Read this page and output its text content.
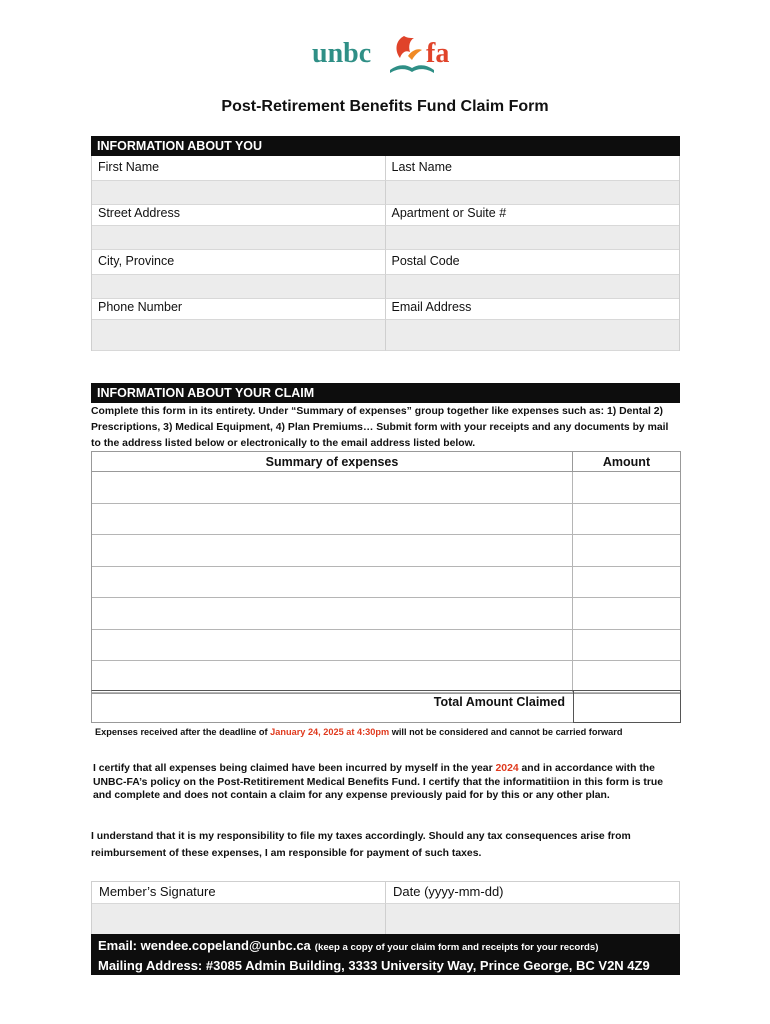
unbc fa
Post-Retirement Benefits Fund Claim Form
INFORMATION ABOUT YOU
First Name	Last Name
Street Address	Apartment or Suite #
City, Province	Postal Code
Phone Number	Email Address
INFORMATION ABOUT YOUR CLAIM
Complete this form in its entirety. Under “Summary of expenses” group together like expenses such as: 1) Dental 2) Prescriptions, 3) Medical Equipment, 4) Plan Premiums… Submit form with your receipts and any documents by mail to the address listed below or electronically to the email address listed below.
Summary of expenses	Amount
Total Amount Claimed
Expenses received after the deadline of January 24, 2025 at 4:30pm will not be considered and cannot be carried forward
I certify that all expenses being claimed have been incurred by myself in the year 2024 and in accordance with the UNBC-FA’s policy on the Post-Retitirement Medical Benefits Fund. I certify that the informatitiion in this form is true and complete and does not contain a claim for any expense previously paid for by this or any other plan.
I understand that it is my responsibility to file my taxes accordingly. Should any tax consequences arise from reimbursement of these expenses, I am responsible for payment of such taxes.
Member’s Signature	Date (yyyy-mm-dd)
Email: wendee.copeland@unbc.ca (keep a copy of your claim form and receipts for your records)
Mailing Address: #3085 Admin Building, 3333 University Way, Prince George, BC V2N 4Z9
